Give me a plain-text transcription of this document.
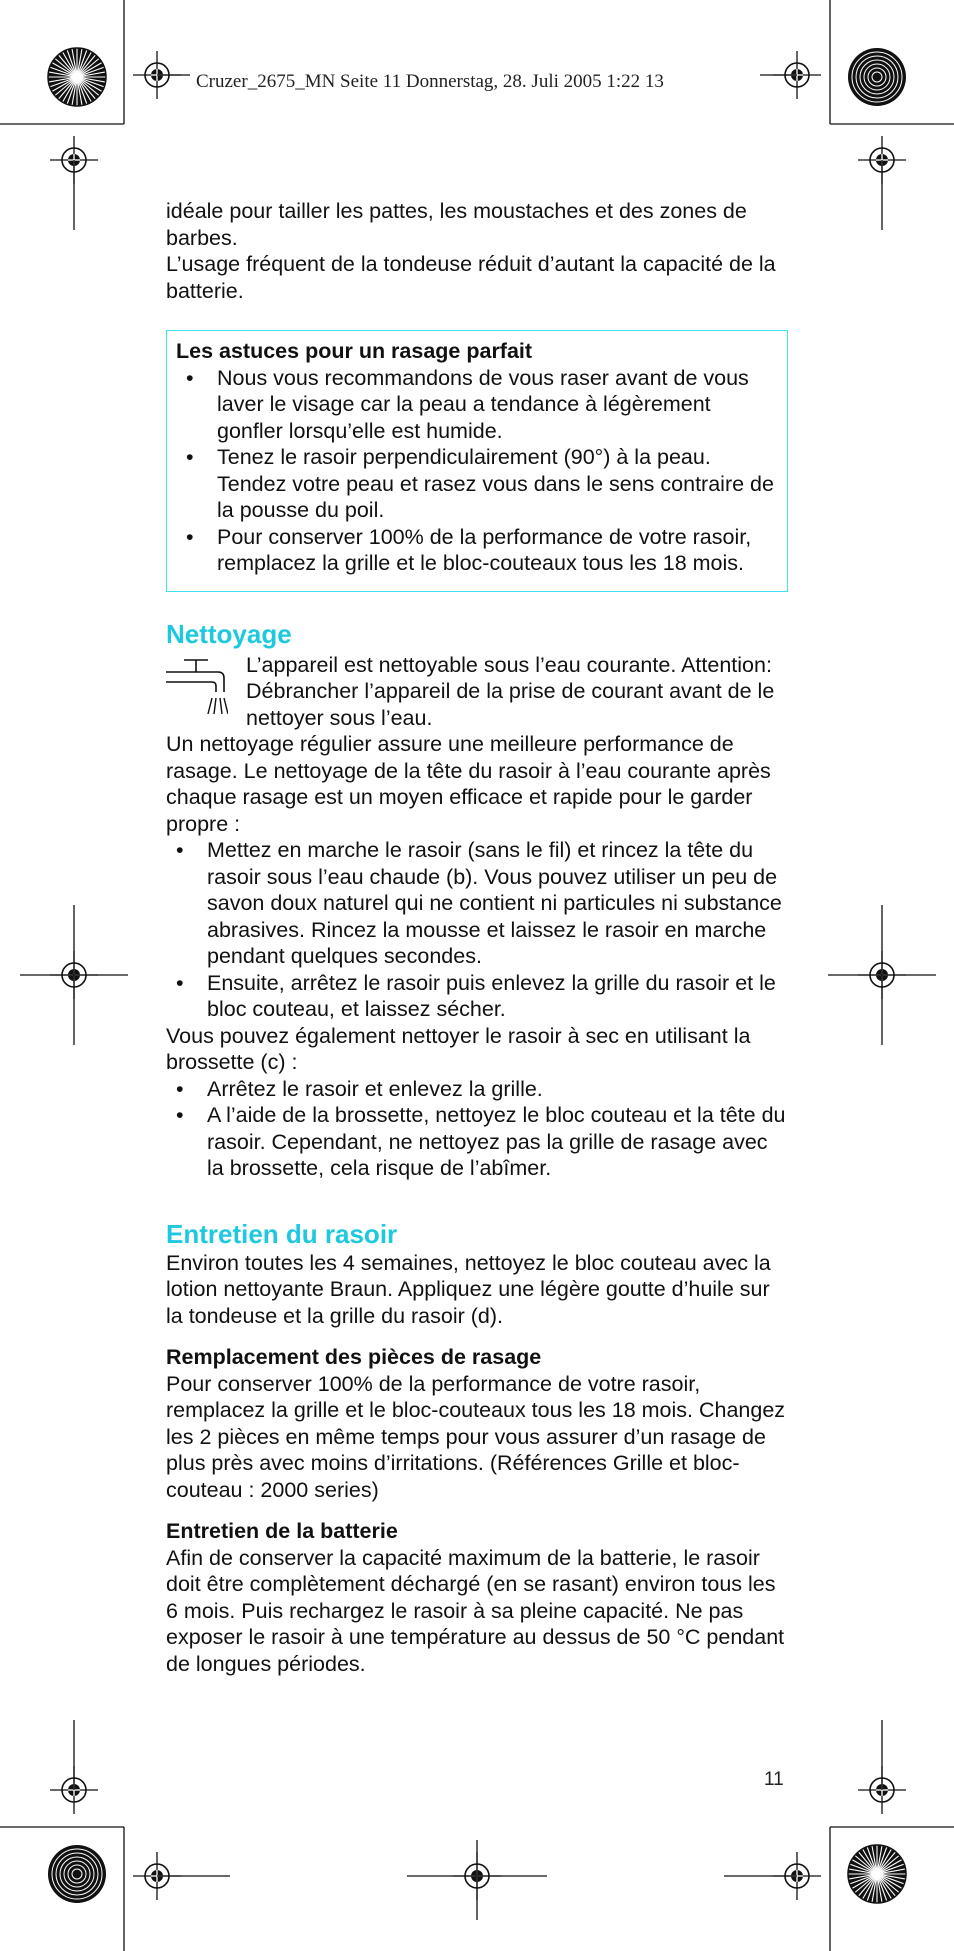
Cruzer_2675_MN Seite 11 Donnerstag, 28. Juli 2005 1:22 13

idéale pour tailler les pattes, les moustaches et des zones de barbes.

L’usage fréquent de la tondeuse réduit d’autant la capacité de la batterie.

Les astuces pour un rasage parfait
• Nous vous recommandons de vous raser avant de vous laver le visage car la peau a tendance à légèrement gonfler lorsqu’elle est humide.
• Tenez le rasoir perpendiculairement (90°) à la peau. Tendez votre peau et rasez vous dans le sens contraire de la pousse du poil.
• Pour conserver 100% de la performance de votre rasoir, remplacez la grille et le bloc-couteaux tous les 18 mois.
Nettoyage

L’appareil est nettoyable sous l’eau courante. Attention: Débrancher l’appareil de la prise de courant avant de le nettoyer sous l’eau.

Un nettoyage régulier assure une meilleure performance de rasage. Le nettoyage de la tête du rasoir à l’eau courante après chaque rasage est un moyen efficace et rapide pour le garder propre :

• Mettez en marche le rasoir (sans le fil) et rincez la tête du rasoir sous l’eau chaude (b). Vous pouvez utiliser un peu de savon doux naturel qui ne contient ni particules ni substance abrasives. Rincez la mousse et laissez le rasoir en marche pendant quelques secondes.
• Ensuite, arrêtez le rasoir puis enlevez la grille du rasoir et le bloc couteau, et laissez sécher.

Vous pouvez également nettoyer le rasoir à sec en utilisant la brossette (c) :

• Arrêtez le rasoir et enlevez la grille.
• A l’aide de la brossette, nettoyez le bloc couteau et la tête du rasoir. Cependant, ne nettoyez pas la grille de rasage avec la brossette, cela risque de l’abîmer.
Entretien du rasoir

Environ toutes les 4 semaines, nettoyez le bloc couteau avec la lotion nettoyante Braun. Appliquez une légère goutte d’huile sur la tondeuse et la grille du rasoir (d).

Remplacement des pièces de rasage

Pour conserver 100% de la performance de votre rasoir, remplacez la grille et le bloc-couteaux tous les 18 mois. Changez les 2 pièces en même temps pour vous assurer d’un rasage de plus près avec moins d’irritations. (Références Grille et bloc-couteau : 2000 series)

Entretien de la batterie

Afin de conserver la capacité maximum de la batterie, le rasoir doit être complètement déchargé (en se rasant) environ tous les 6 mois. Puis rechargez le rasoir à sa pleine capacité. Ne pas exposer le rasoir à une température au dessus de 50 °C pendant de longues périodes.

11
